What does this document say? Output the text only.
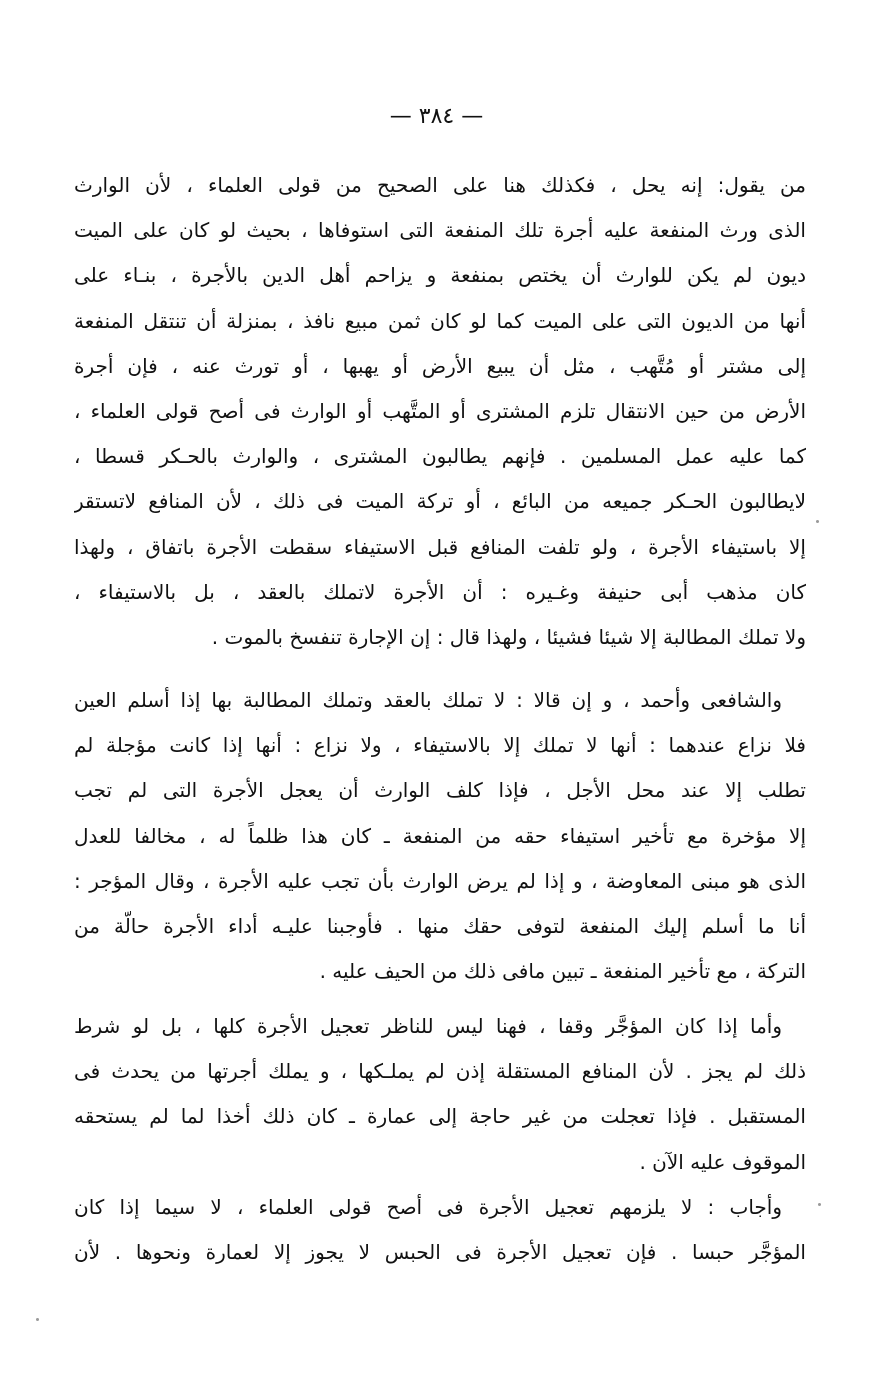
— ٣٨٤ —
من يقول: إنه يحل ، فكذلك هنا على الصحيح من قولى العلماء ، لأن الوارث
الذى ورث المنفعة عليه أجرة تلك المنفعة التى استوفاها ، بحيث لو كان على الميت
ديون لم يكن للوارث أن يختص بمنفعة و يزاحم أهل الدين بالأجرة ، بنـاء على
أنها من الديون التى على الميت كما لو كان ثمن مبيع نافذ ، بمنزلة أن تنتقل المنفعة
إلى مشتر أو مُتَّهب ، مثل أن يبيع الأرض أو يهبها ، أو تورث عنه ، فإن أجرة
الأرض من حين الانتقال تلزم المشترى أو المتَّهب أو الوارث فى أصح قولى العلماء ،
كما عليه عمل المسلمين . فإنهم يطالبون المشترى ، والوارث بالحـكر قسطا ،
لايطالبون الحـكر جميعه من البائع ، أو تركة الميت فى ذلك ، لأن المنافع لاتستقر
إلا باستيفاء الأجرة ، ولو تلفت المنافع قبل الاستيفاء سقطت الأجرة باتفاق ، ولهذا
كان مذهب أبى حنيفة وغـيره : أن الأجرة لاتملك بالعقد ، بل بالاستيفاء ،
ولا تملك المطالبة إلا شيئا فشيئا ، ولهذا قال : إن الإجارة تنفسخ بالموت .
والشافعى وأحمد ، و إن قالا : لا تملك بالعقد وتملك المطالبة بها إذا أسلم العين
فلا نزاع عندهما : أنها لا تملك إلا بالاستيفاء ، ولا نزاع : أنها إذا كانت مؤجلة لم
تطلب إلا عند محل الأجل ، فإذا كلف الوارث أن يعجل الأجرة التى لم تجب
إلا مؤخرة مع تأخير استيفاء حقه من المنفعة ـ كان هذا ظلماً له ، مخالفا للعدل
الذى هو مبنى المعاوضة ، و إذا لم يرض الوارث بأن تجب عليه الأجرة ، وقال المؤجر :
أنا ما أسلم إليك المنفعة لتوفى حقك منها . فأوجبنا عليـه أداء الأجرة حالّة من
التركة ، مع تأخير المنفعة ـ تبين مافى ذلك من الحيف عليه .
وأما إذا كان المؤجَّر وقفا ، فهنا ليس للناظر تعجيل الأجرة كلها ، بل لو شرط
ذلك لم يجز . لأن المنافع المستقلة إذن لم يملـكها ، و يملك أجرتها من يحدث فى
المستقبل . فإذا تعجلت من غير حاجة إلى عمارة ـ كان ذلك أخذا لما لم يستحقه
الموقوف عليه الآن .
وأجاب : لا يلزمهم تعجيل الأجرة فى أصح قولى العلماء ، لا سيما إذا كان
المؤجَّر حبسا . فإن تعجيل الأجرة فى الحبس لا يجوز إلا لعمارة ونحوها . لأن
